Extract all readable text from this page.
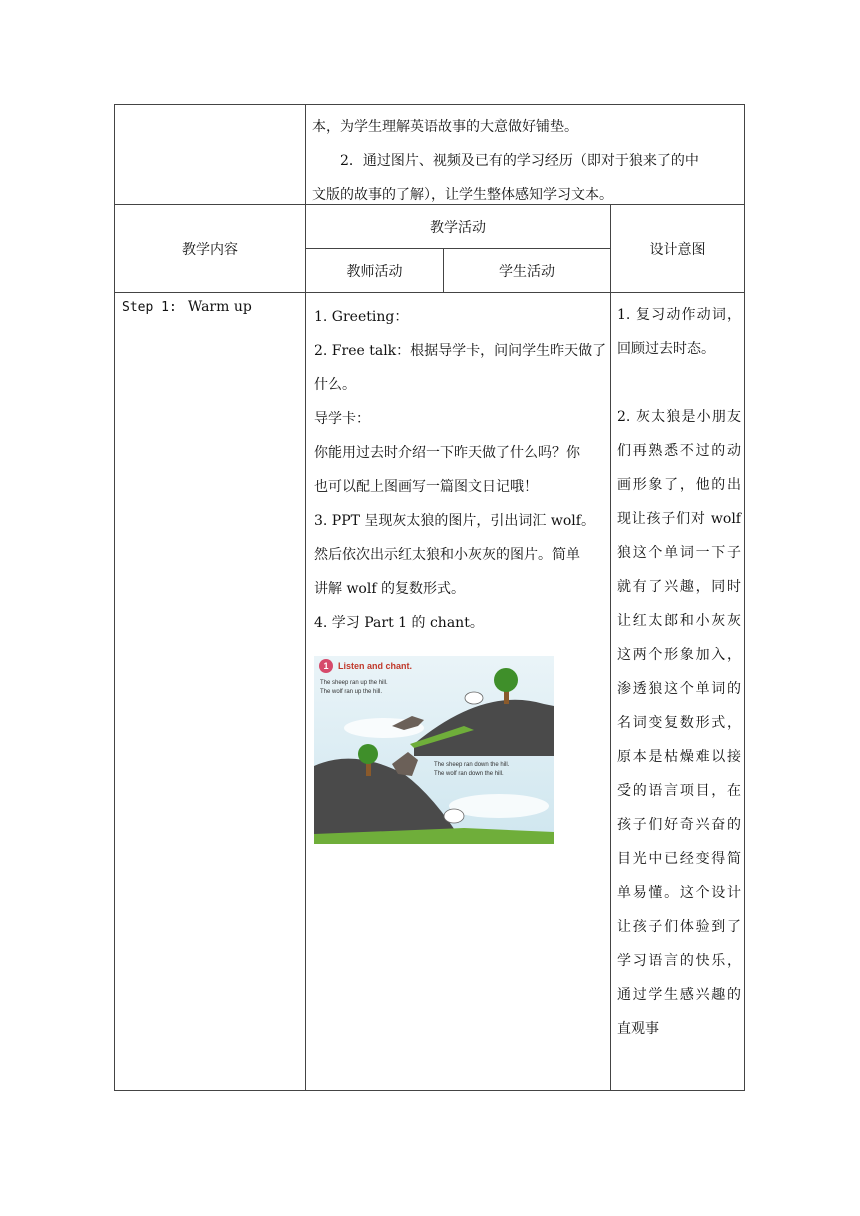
本，为学生理解英语故事的大意做好铺垫。

2．通过图片、视频及已有的学习经历（即对于狼来了的中

文版的故事的了解），让学生整体感知学习文本。

教学内容
教学活动
教师活动	学生活动
设计意图
Step 1: Warm up

1. Greeting：

2. Free talk：根据导学卡，问问学生昨天做了

什么。

导学卡：

你能用过去时介绍一下昨天做了什么吗？你

也可以配上图画写一篇图文日记哦！

3. PPT 呈现灰太狼的图片，引出词汇 wolf。

然后依次出示红太狼和小灰灰的图片。简单

讲解 wolf 的复数形式。

4. 学习 Part 1 的 chant。

1 Listen and chant.
The sheep ran up the hill.
The wolf ran up the hill.
The sheep ran down the hill.
The wolf ran down the hill.
1. 复习动作动词，回顾过去时态。
2. 灰太狼是小朋友们再熟悉不过的动画形象了，他的出现让孩子们对 wolf 狼这个单词一下子就有了兴趣，同时让红太郎和小灰灰这两个形象加入，渗透狼这个单词的名词变复数形式，原本是枯燥难以接受的语言项目，在孩子们好奇兴奋的目光中已经变得简单易懂。这个设计让孩子们体验到了学习语言的快乐，通过学生感兴趣的直观事
